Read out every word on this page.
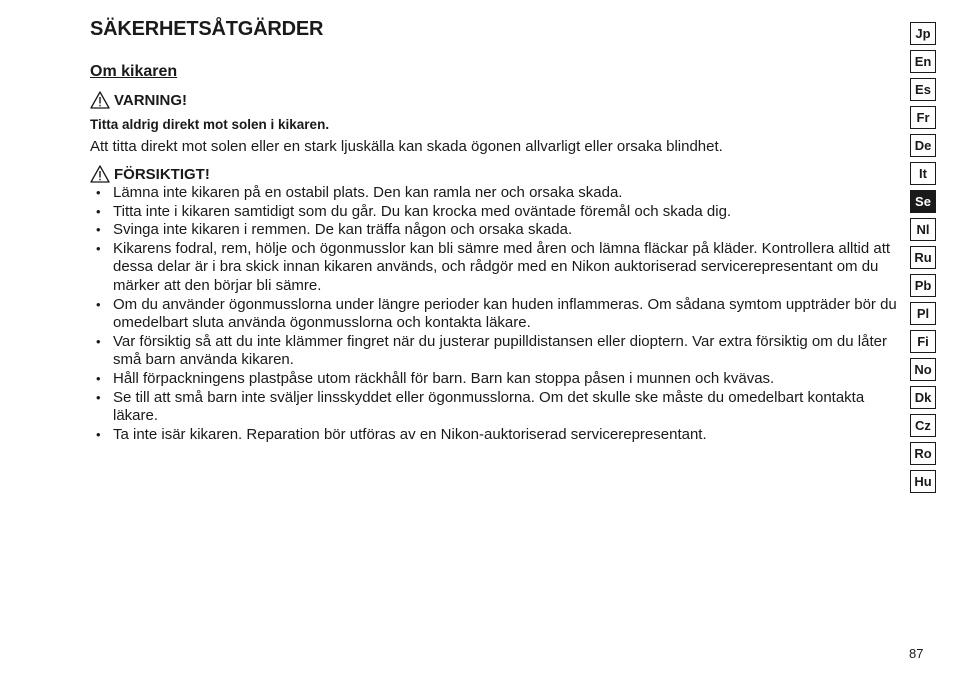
SÄKERHETSÅTGÄRDER
Om kikaren
VARNING!
Titta aldrig direkt mot solen i kikaren.
Att titta direkt mot solen eller en stark ljuskälla kan skada ögonen allvarligt eller orsaka blindhet.
FÖRSIKTIGT!
• Lämna inte kikaren på en ostabil plats. Den kan ramla ner och orsaka skada.
• Titta inte i kikaren samtidigt som du går. Du kan krocka med oväntade föremål och skada dig.
• Svinga inte kikaren i remmen. De kan träffa någon och orsaka skada.
• Kikarens fodral, rem, hölje och ögonmusslor kan bli sämre med åren och lämna fläckar på kläder. Kontrollera alltid att dessa delar är i bra skick innan kikaren används, och rådgör med en Nikon auktoriserad servicerepresentant om du märker att den börjar bli sämre.
• Om du använder ögonmusslorna under längre perioder kan huden inflammeras. Om sådana symtom uppträder bör du omedelbart sluta använda ögonmusslorna och kontakta läkare.
• Var försiktig så att du inte klämmer fingret när du justerar pupilldistansen eller dioptern. Var extra försiktig om du låter små barn använda kikaren.
• Håll förpackningens plastpåse utom räckhåll för barn. Barn kan stoppa påsen i munnen och kvävas.
• Se till att små barn inte sväljer linsskyddet eller ögonmusslorna. Om det skulle ske måste du omedelbart kontakta läkare.
• Ta inte isär kikaren. Reparation bör utföras av en Nikon-auktoriserad servicerepresentant.
Jp
En
Es
Fr
De
It
Se
Nl
Ru
Pb
Pl
Fi
No
Dk
Cz
Ro
Hu
87
